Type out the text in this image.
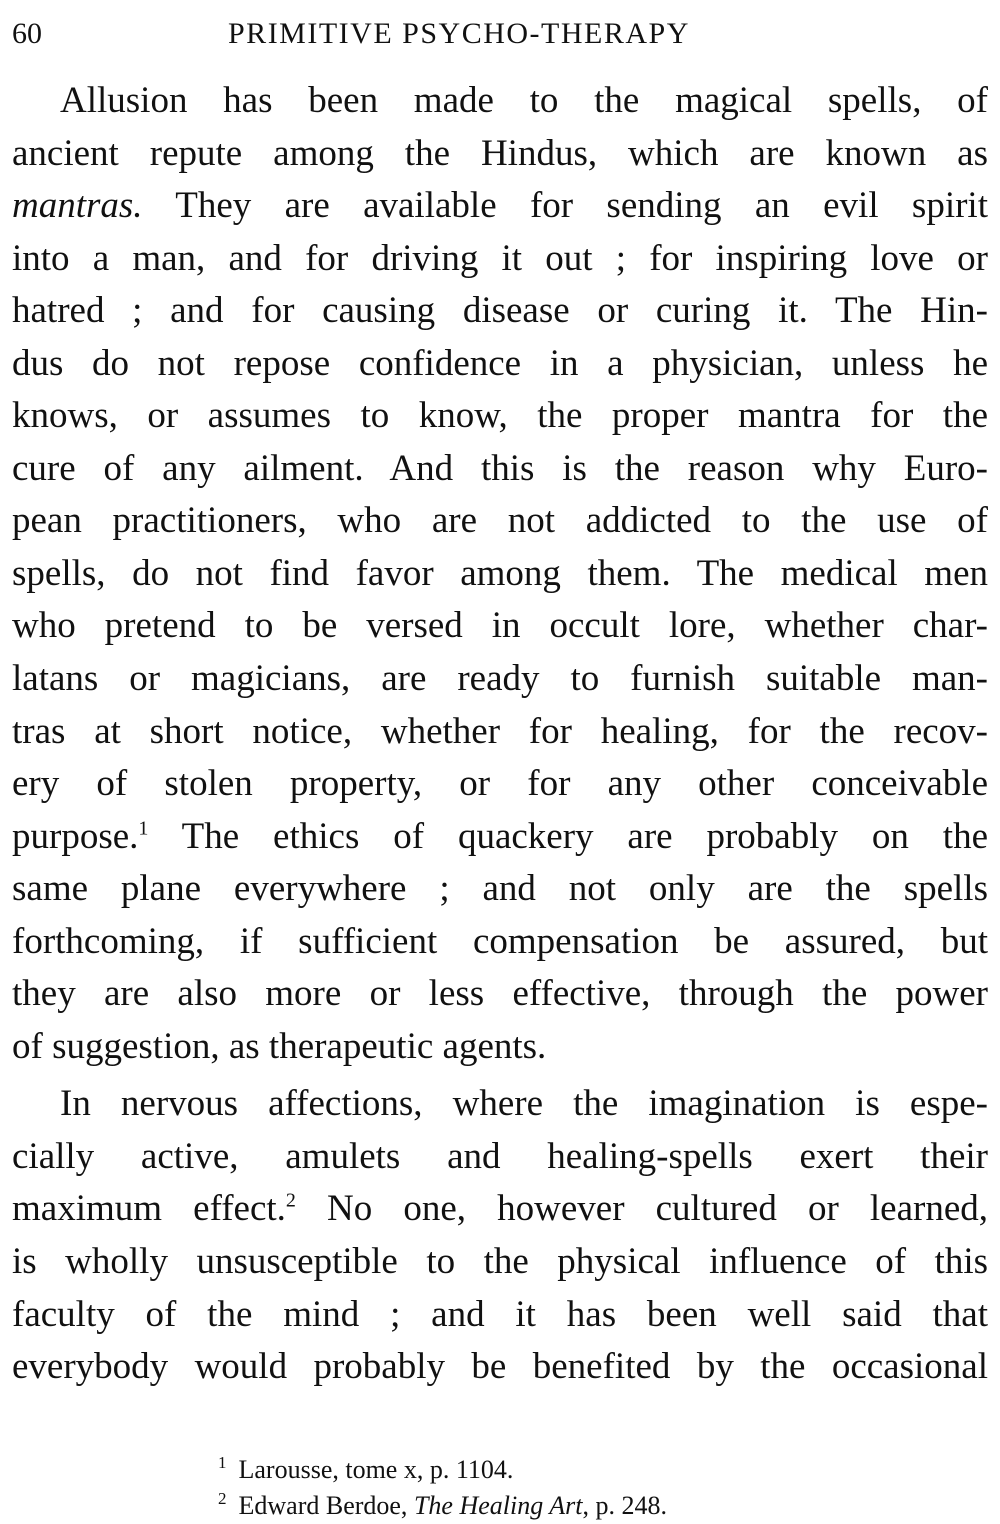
60	PRIMITIVE PSYCHO-THERAPY
Allusion has been made to the magical spells, of
ancient repute among the Hindus, which are known as
mantras. They are available for sending an evil spirit
into a man, and for driving it out ; for inspiring love or
hatred ; and for causing disease or curing it. The Hin-
dus do not repose confidence in a physician, unless he
knows, or assumes to know, the proper mantra for the
cure of any ailment. And this is the reason why Euro-
pean practitioners, who are not addicted to the use of
spells, do not find favor among them. The medical men
who pretend to be versed in occult lore, whether char-
latans or magicians, are ready to furnish suitable man-
tras at short notice, whether for healing, for the recov-
ery of stolen property, or for any other conceivable
purpose.$^1$ The ethics of quackery are probably on the
same plane everywhere ; and not only are the spells
forthcoming, if sufficient compensation be assured, but
they are also more or less effective, through the power
of suggestion, as therapeutic agents.
In nervous affections, where the imagination is espe-
cially active, amulets and healing-spells exert their
maximum effect.$^2$ No one, however cultured or learned,
is wholly unsusceptible to the physical influence of this
faculty of the mind ; and it has been well said that
everybody would probably be benefited by the occasional
$^1$ Larousse, tome x, p. 1104.
$^2$ Edward Berdoe, The Healing Art, p. 248.
